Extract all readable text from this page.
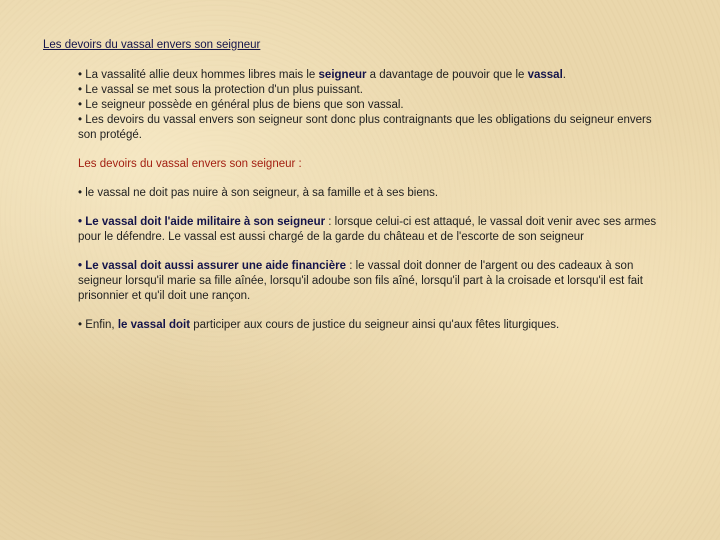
Les devoirs du vassal envers son seigneur

• La vassalité allie deux hommes libres mais le seigneur a davantage de pouvoir que le vassal.

• Le vassal se met sous la protection d'un plus puissant.

• Le seigneur possède en général plus de biens que son vassal.

• Les devoirs du vassal envers son seigneur sont donc plus contraignants que les obligations du seigneur envers son protégé.

Les devoirs du vassal envers son seigneur :

• le vassal ne doit pas nuire à son seigneur, à sa famille et à ses biens.

• Le vassal doit l'aide militaire à son seigneur : lorsque celui-ci est attaqué, le vassal doit venir avec ses armes pour le défendre. Le vassal est aussi chargé de la garde du château et de l'escorte de son seigneur

• Le vassal doit aussi assurer une aide financière : le vassal doit donner de l'argent ou des cadeaux à son seigneur lorsqu'il marie sa fille aînée, lorsqu'il adoube son fils aîné, lorsqu'il part à la croisade et lorsqu'il est fait prisonnier et qu'il doit une rançon.

• Enfin, le vassal doit participer aux cours de justice du seigneur ainsi qu'aux fêtes liturgiques.
